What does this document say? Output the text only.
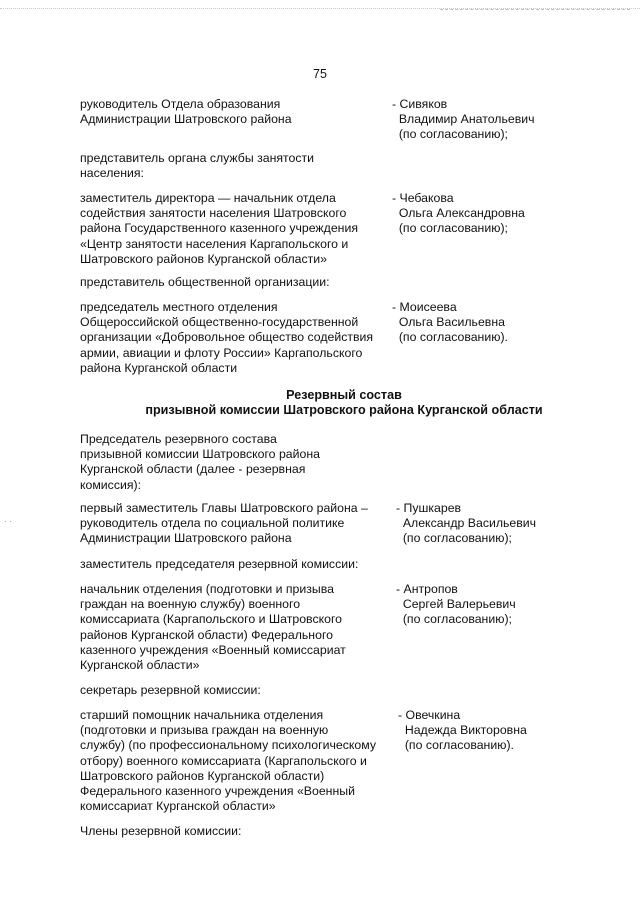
··
75
руководитель Отдела образования
Администрации Шатровского района
- Сивяков
Владимир Анатольевич
(по согласованию);
представитель органа службы занятости
населения:
заместитель директора — начальник отдела
содействия занятости населения Шатровского
района Государственного казенного учреждения
«Центр занятости населения Каргапольского и
Шатровского районов Курганской области»
- Чебакова
Ольга Александровна
(по согласованию);
представитель общественной организации:
председатель местного отделения
Общероссийской общественно-государственной
организации «Добровольное общество содействия
армии, авиации и флоту России» Каргапольского
района Курганской области
- Моисеева
Ольга Васильевна
(по согласованию).
Резервный состав
призывной комиссии Шатровского района Курганской области
Председатель резервного состава
призывной комиссии Шатровского района
Курганской области (далее - резервная
комиссия):
первый заместитель Главы Шатровского района –
руководитель отдела по социальной политике
Администрации Шатровского района
- Пушкарев
Александр Васильевич
(по согласованию);
заместитель председателя резервной комиссии:
начальник отделения (подготовки и призыва
граждан на военную службу) военного
комиссариата (Каргапольского и Шатровского
районов Курганской области) Федерального
казенного учреждения «Военный комиссариат
Курганской области»
- Антропов
Сергей Валерьевич
(по согласованию);
секретарь резервной комиссии:
старший помощник начальника отделения
(подготовки и призыва граждан на военную
службу) (по профессиональному психологическому
отбору) военного комиссариата (Каргапольского и
Шатровского районов Курганской области)
Федерального казенного учреждения «Военный
комиссариат Курганской области»
- Овечкина
Надежда Викторовна
(по согласованию).
Члены резервной комиссии:
